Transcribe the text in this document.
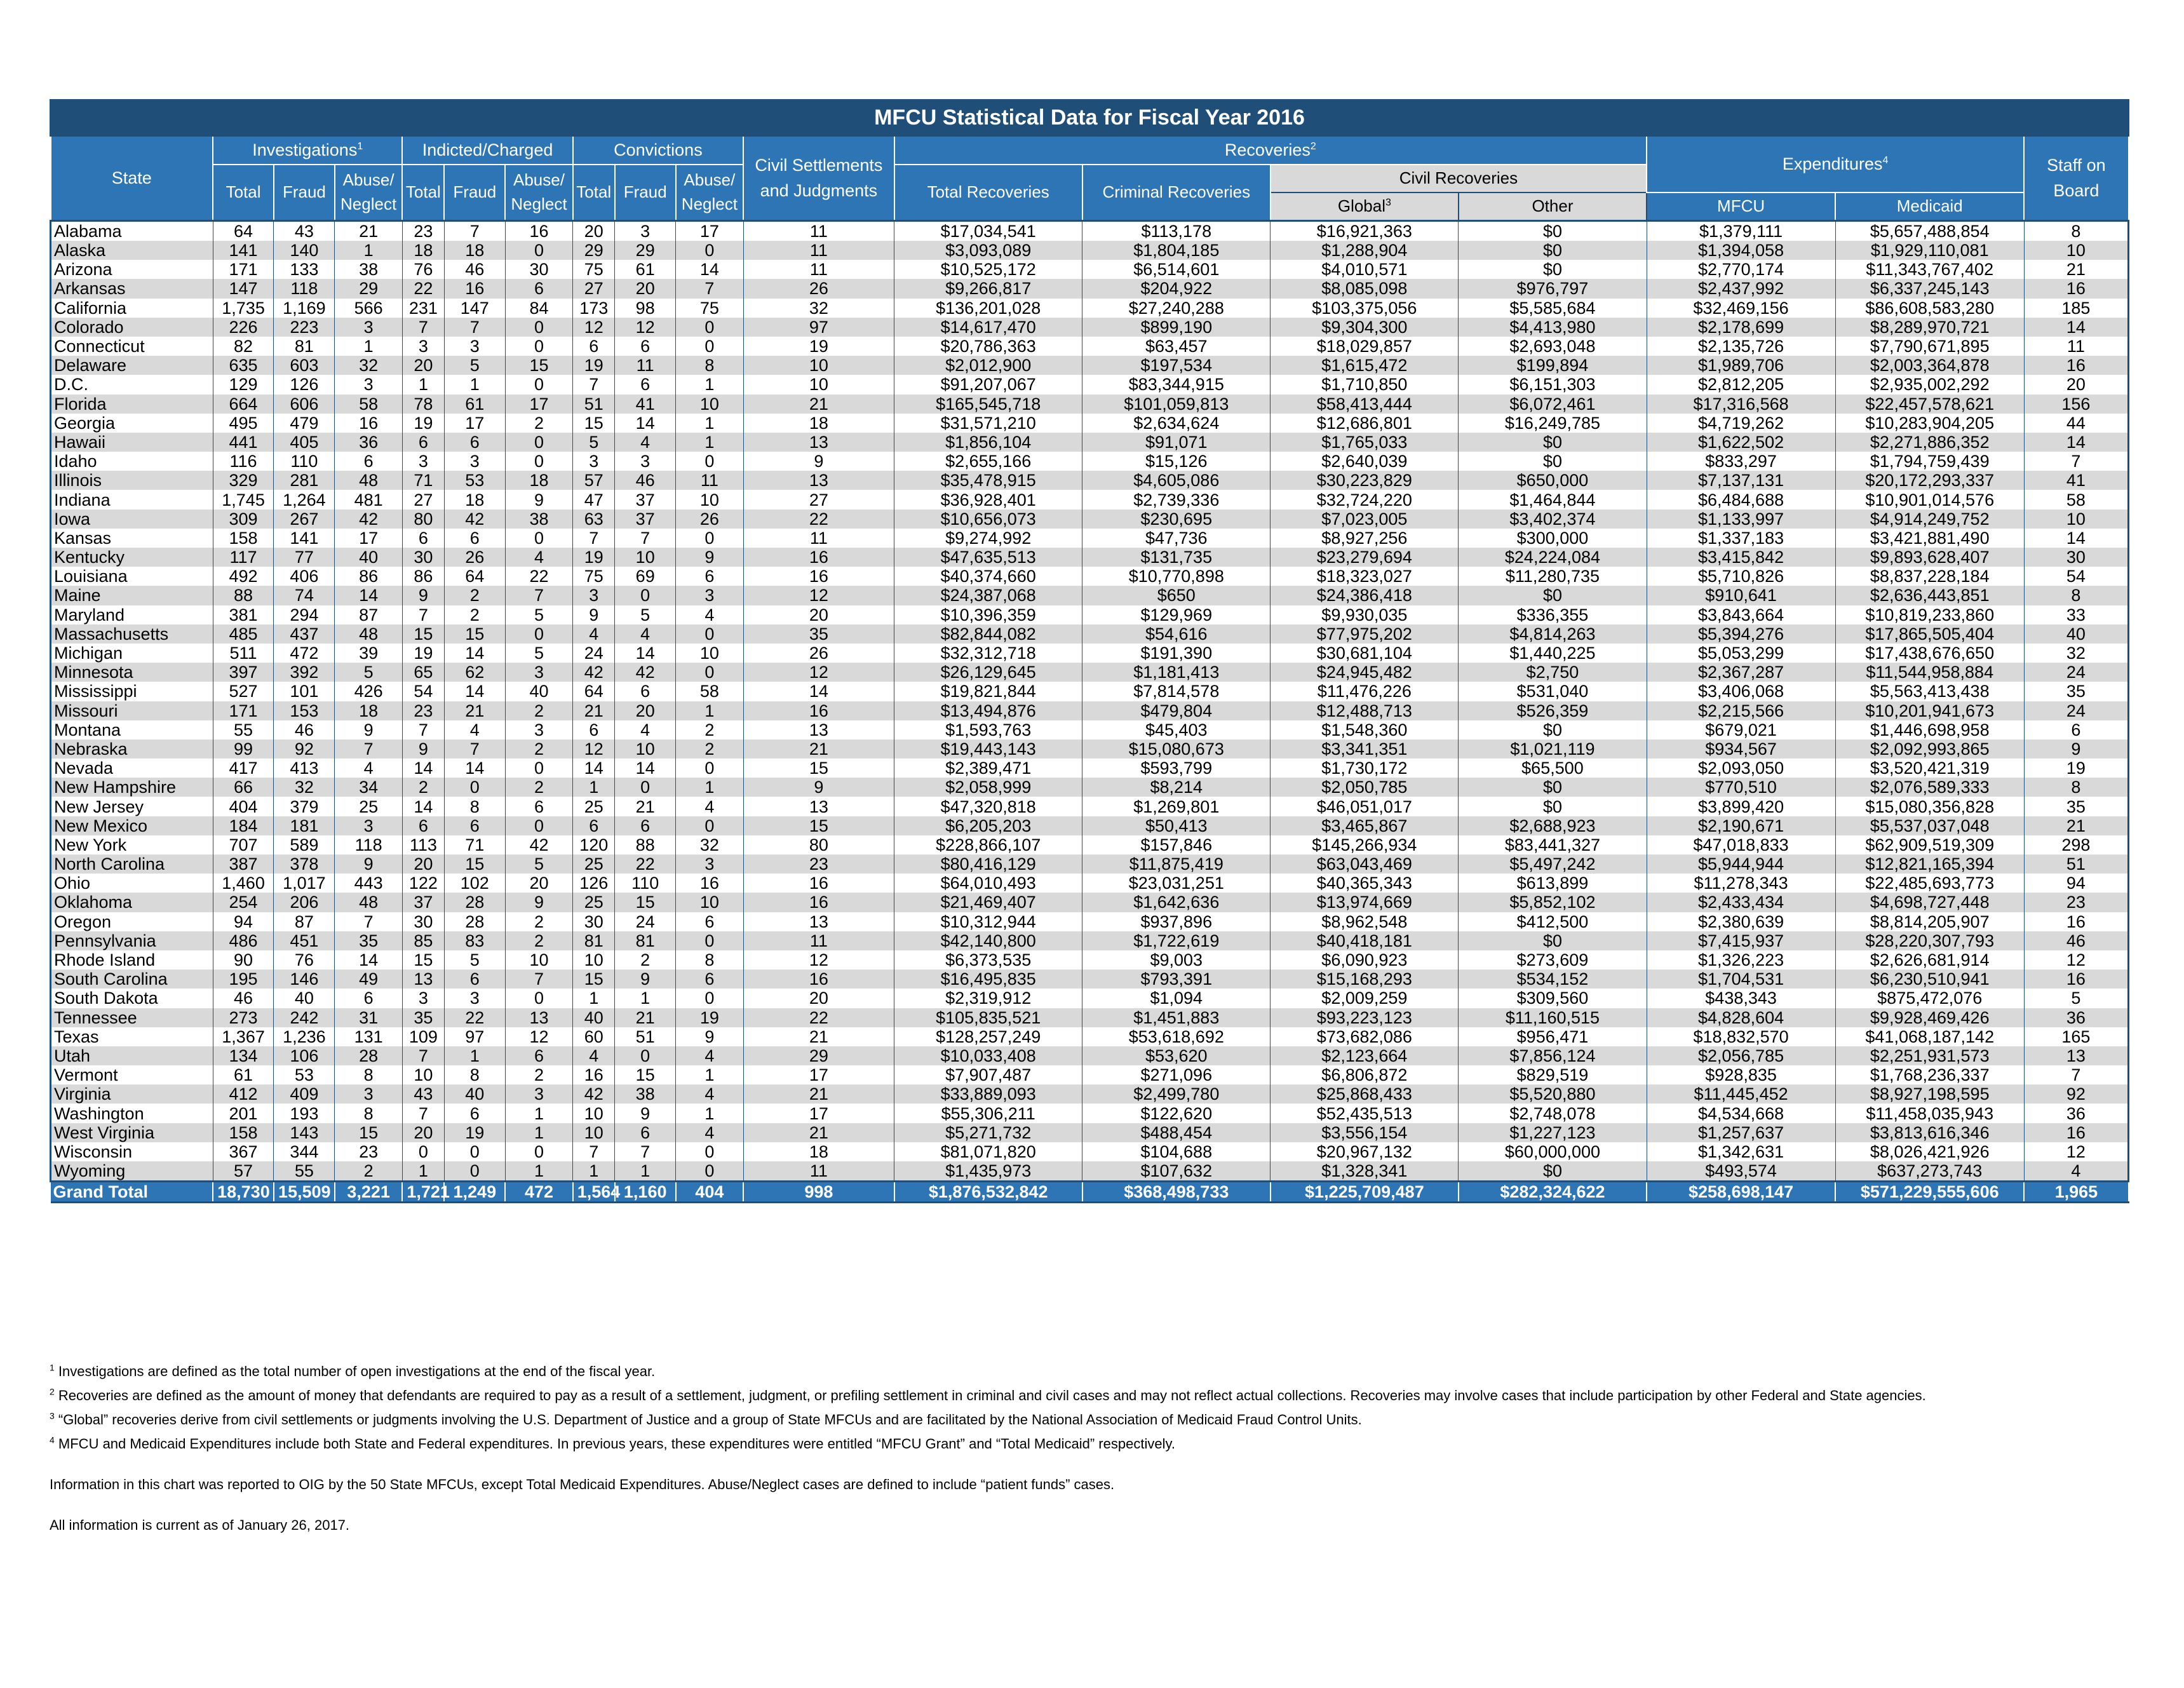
MFCU Statistical Data for Fiscal Year 2016																	
State	Investigations$^1$			Indicted/Charged			Convictions			Civil Settlements and Judgments	Recoveries$^2$				Expenditures$^4$		Staff on Board
	Total	Fraud	Abuse/ Neglect	Total	Fraud	Abuse/ Neglect	Total	Fraud	Abuse/ Neglect		Total Recoveries	Criminal Recoveries	Civil Recoveries				
													Global$^3$	Other	MFCU	Medicaid	
Alabama	64	43	21	23	7	16	20	3	17	11	$17,034,541	$113,178	$16,921,363	$0	$1,379,111	$5,657,488,854	8
Alaska	141	140	1	18	18	0	29	29	0	11	$3,093,089	$1,804,185	$1,288,904	$0	$1,394,058	$1,929,110,081	10
Arizona	171	133	38	76	46	30	75	61	14	11	$10,525,172	$6,514,601	$4,010,571	$0	$2,770,174	$11,343,767,402	21
Arkansas	147	118	29	22	16	6	27	20	7	26	$9,266,817	$204,922	$8,085,098	$976,797	$2,437,992	$6,337,245,143	16
California	1,735	1,169	566	231	147	84	173	98	75	32	$136,201,028	$27,240,288	$103,375,056	$5,585,684	$32,469,156	$86,608,583,280	185
Colorado	226	223	3	7	7	0	12	12	0	97	$14,617,470	$899,190	$9,304,300	$4,413,980	$2,178,699	$8,289,970,721	14
Connecticut	82	81	1	3	3	0	6	6	0	19	$20,786,363	$63,457	$18,029,857	$2,693,048	$2,135,726	$7,790,671,895	11
Delaware	635	603	32	20	5	15	19	11	8	10	$2,012,900	$197,534	$1,615,472	$199,894	$1,989,706	$2,003,364,878	16
D.C.	129	126	3	1	1	0	7	6	1	10	$91,207,067	$83,344,915	$1,710,850	$6,151,303	$2,812,205	$2,935,002,292	20
Florida	664	606	58	78	61	17	51	41	10	21	$165,545,718	$101,059,813	$58,413,444	$6,072,461	$17,316,568	$22,457,578,621	156
Georgia	495	479	16	19	17	2	15	14	1	18	$31,571,210	$2,634,624	$12,686,801	$16,249,785	$4,719,262	$10,283,904,205	44
Hawaii	441	405	36	6	6	0	5	4	1	13	$1,856,104	$91,071	$1,765,033	$0	$1,622,502	$2,271,886,352	14
Idaho	116	110	6	3	3	0	3	3	0	9	$2,655,166	$15,126	$2,640,039	$0	$833,297	$1,794,759,439	7
Illinois	329	281	48	71	53	18	57	46	11	13	$35,478,915	$4,605,086	$30,223,829	$650,000	$7,137,131	$20,172,293,337	41
Indiana	1,745	1,264	481	27	18	9	47	37	10	27	$36,928,401	$2,739,336	$32,724,220	$1,464,844	$6,484,688	$10,901,014,576	58
Iowa	309	267	42	80	42	38	63	37	26	22	$10,656,073	$230,695	$7,023,005	$3,402,374	$1,133,997	$4,914,249,752	10
Kansas	158	141	17	6	6	0	7	7	0	11	$9,274,992	$47,736	$8,927,256	$300,000	$1,337,183	$3,421,881,490	14
Kentucky	117	77	40	30	26	4	19	10	9	16	$47,635,513	$131,735	$23,279,694	$24,224,084	$3,415,842	$9,893,628,407	30
Louisiana	492	406	86	86	64	22	75	69	6	16	$40,374,660	$10,770,898	$18,323,027	$11,280,735	$5,710,826	$8,837,228,184	54
Maine	88	74	14	9	2	7	3	0	3	12	$24,387,068	$650	$24,386,418	$0	$910,641	$2,636,443,851	8
Maryland	381	294	87	7	2	5	9	5	4	20	$10,396,359	$129,969	$9,930,035	$336,355	$3,843,664	$10,819,233,860	33
Massachusetts	485	437	48	15	15	0	4	4	0	35	$82,844,082	$54,616	$77,975,202	$4,814,263	$5,394,276	$17,865,505,404	40
Michigan	511	472	39	19	14	5	24	14	10	26	$32,312,718	$191,390	$30,681,104	$1,440,225	$5,053,299	$17,438,676,650	32
Minnesota	397	392	5	65	62	3	42	42	0	12	$26,129,645	$1,181,413	$24,945,482	$2,750	$2,367,287	$11,544,958,884	24
Mississippi	527	101	426	54	14	40	64	6	58	14	$19,821,844	$7,814,578	$11,476,226	$531,040	$3,406,068	$5,563,413,438	35
Missouri	171	153	18	23	21	2	21	20	1	16	$13,494,876	$479,804	$12,488,713	$526,359	$2,215,566	$10,201,941,673	24
Montana	55	46	9	7	4	3	6	4	2	13	$1,593,763	$45,403	$1,548,360	$0	$679,021	$1,446,698,958	6
Nebraska	99	92	7	9	7	2	12	10	2	21	$19,443,143	$15,080,673	$3,341,351	$1,021,119	$934,567	$2,092,993,865	9
Nevada	417	413	4	14	14	0	14	14	0	15	$2,389,471	$593,799	$1,730,172	$65,500	$2,093,050	$3,520,421,319	19
New Hampshire	66	32	34	2	0	2	1	0	1	9	$2,058,999	$8,214	$2,050,785	$0	$770,510	$2,076,589,333	8
New Jersey	404	379	25	14	8	6	25	21	4	13	$47,320,818	$1,269,801	$46,051,017	$0	$3,899,420	$15,080,356,828	35
New Mexico	184	181	3	6	6	0	6	6	0	15	$6,205,203	$50,413	$3,465,867	$2,688,923	$2,190,671	$5,537,037,048	21
New York	707	589	118	113	71	42	120	88	32	80	$228,866,107	$157,846	$145,266,934	$83,441,327	$47,018,833	$62,909,519,309	298
North Carolina	387	378	9	20	15	5	25	22	3	23	$80,416,129	$11,875,419	$63,043,469	$5,497,242	$5,944,944	$12,821,165,394	51
Ohio	1,460	1,017	443	122	102	20	126	110	16	16	$64,010,493	$23,031,251	$40,365,343	$613,899	$11,278,343	$22,485,693,773	94
Oklahoma	254	206	48	37	28	9	25	15	10	16	$21,469,407	$1,642,636	$13,974,669	$5,852,102	$2,433,434	$4,698,727,448	23
Oregon	94	87	7	30	28	2	30	24	6	13	$10,312,944	$937,896	$8,962,548	$412,500	$2,380,639	$8,814,205,907	16
Pennsylvania	486	451	35	85	83	2	81	81	0	11	$42,140,800	$1,722,619	$40,418,181	$0	$7,415,937	$28,220,307,793	46
Rhode Island	90	76	14	15	5	10	10	2	8	12	$6,373,535	$9,003	$6,090,923	$273,609	$1,326,223	$2,626,681,914	12
South Carolina	195	146	49	13	6	7	15	9	6	16	$16,495,835	$793,391	$15,168,293	$534,152	$1,704,531	$6,230,510,941	16
South Dakota	46	40	6	3	3	0	1	1	0	20	$2,319,912	$1,094	$2,009,259	$309,560	$438,343	$875,472,076	5
Tennessee	273	242	31	35	22	13	40	21	19	22	$105,835,521	$1,451,883	$93,223,123	$11,160,515	$4,828,604	$9,928,469,426	36
Texas	1,367	1,236	131	109	97	12	60	51	9	21	$128,257,249	$53,618,692	$73,682,086	$956,471	$18,832,570	$41,068,187,142	165
Utah	134	106	28	7	1	6	4	0	4	29	$10,033,408	$53,620	$2,123,664	$7,856,124	$2,056,785	$2,251,931,573	13
Vermont	61	53	8	10	8	2	16	15	1	17	$7,907,487	$271,096	$6,806,872	$829,519	$928,835	$1,768,236,337	7
Virginia	412	409	3	43	40	3	42	38	4	21	$33,889,093	$2,499,780	$25,868,433	$5,520,880	$11,445,452	$8,927,198,595	92
Washington	201	193	8	7	6	1	10	9	1	17	$55,306,211	$122,620	$52,435,513	$2,748,078	$4,534,668	$11,458,035,943	36
West Virginia	158	143	15	20	19	1	10	6	4	21	$5,271,732	$488,454	$3,556,154	$1,227,123	$1,257,637	$3,813,616,346	16
Wisconsin	367	344	23	0	0	0	7	7	0	18	$81,071,820	$104,688	$20,967,132	$60,000,000	$1,342,631	$8,026,421,926	12
Wyoming	57	55	2	1	0	1	1	1	0	11	$1,435,973	$107,632	$1,328,341	$0	$493,574	$637,273,743	4
Grand Total	18,730	15,509	3,221	1,721	1,249	472	1,564	1,160	404	998	$1,876,532,842	$368,498,733	$1,225,709,487	$282,324,622	$258,698,147	$571,229,555,606	1,965

$^1$ Investigations are defined as the total number of open investigations at the end of the fiscal year.

$^2$ Recoveries are defined as the amount of money that defendants are required to pay as a result of a settlement, judgment, or prefiling settlement in criminal and civil cases and may not reflect actual collections. Recoveries may involve cases that include participation by other Federal and State agencies.

$^3$ “Global” recoveries derive from civil settlements or judgments involving the U.S. Department of Justice and a group of State MFCUs and are facilitated by the National Association of Medicaid Fraud Control Units.

$^4$ MFCU and Medicaid Expenditures include both State and Federal expenditures. In previous years, these expenditures were entitled “MFCU Grant” and “Total Medicaid” respectively.

Information in this chart was reported to OIG by the 50 State MFCUs, except Total Medicaid Expenditures. Abuse/Neglect cases are defined to include “patient funds” cases.

All information is current as of January 26, 2017.
